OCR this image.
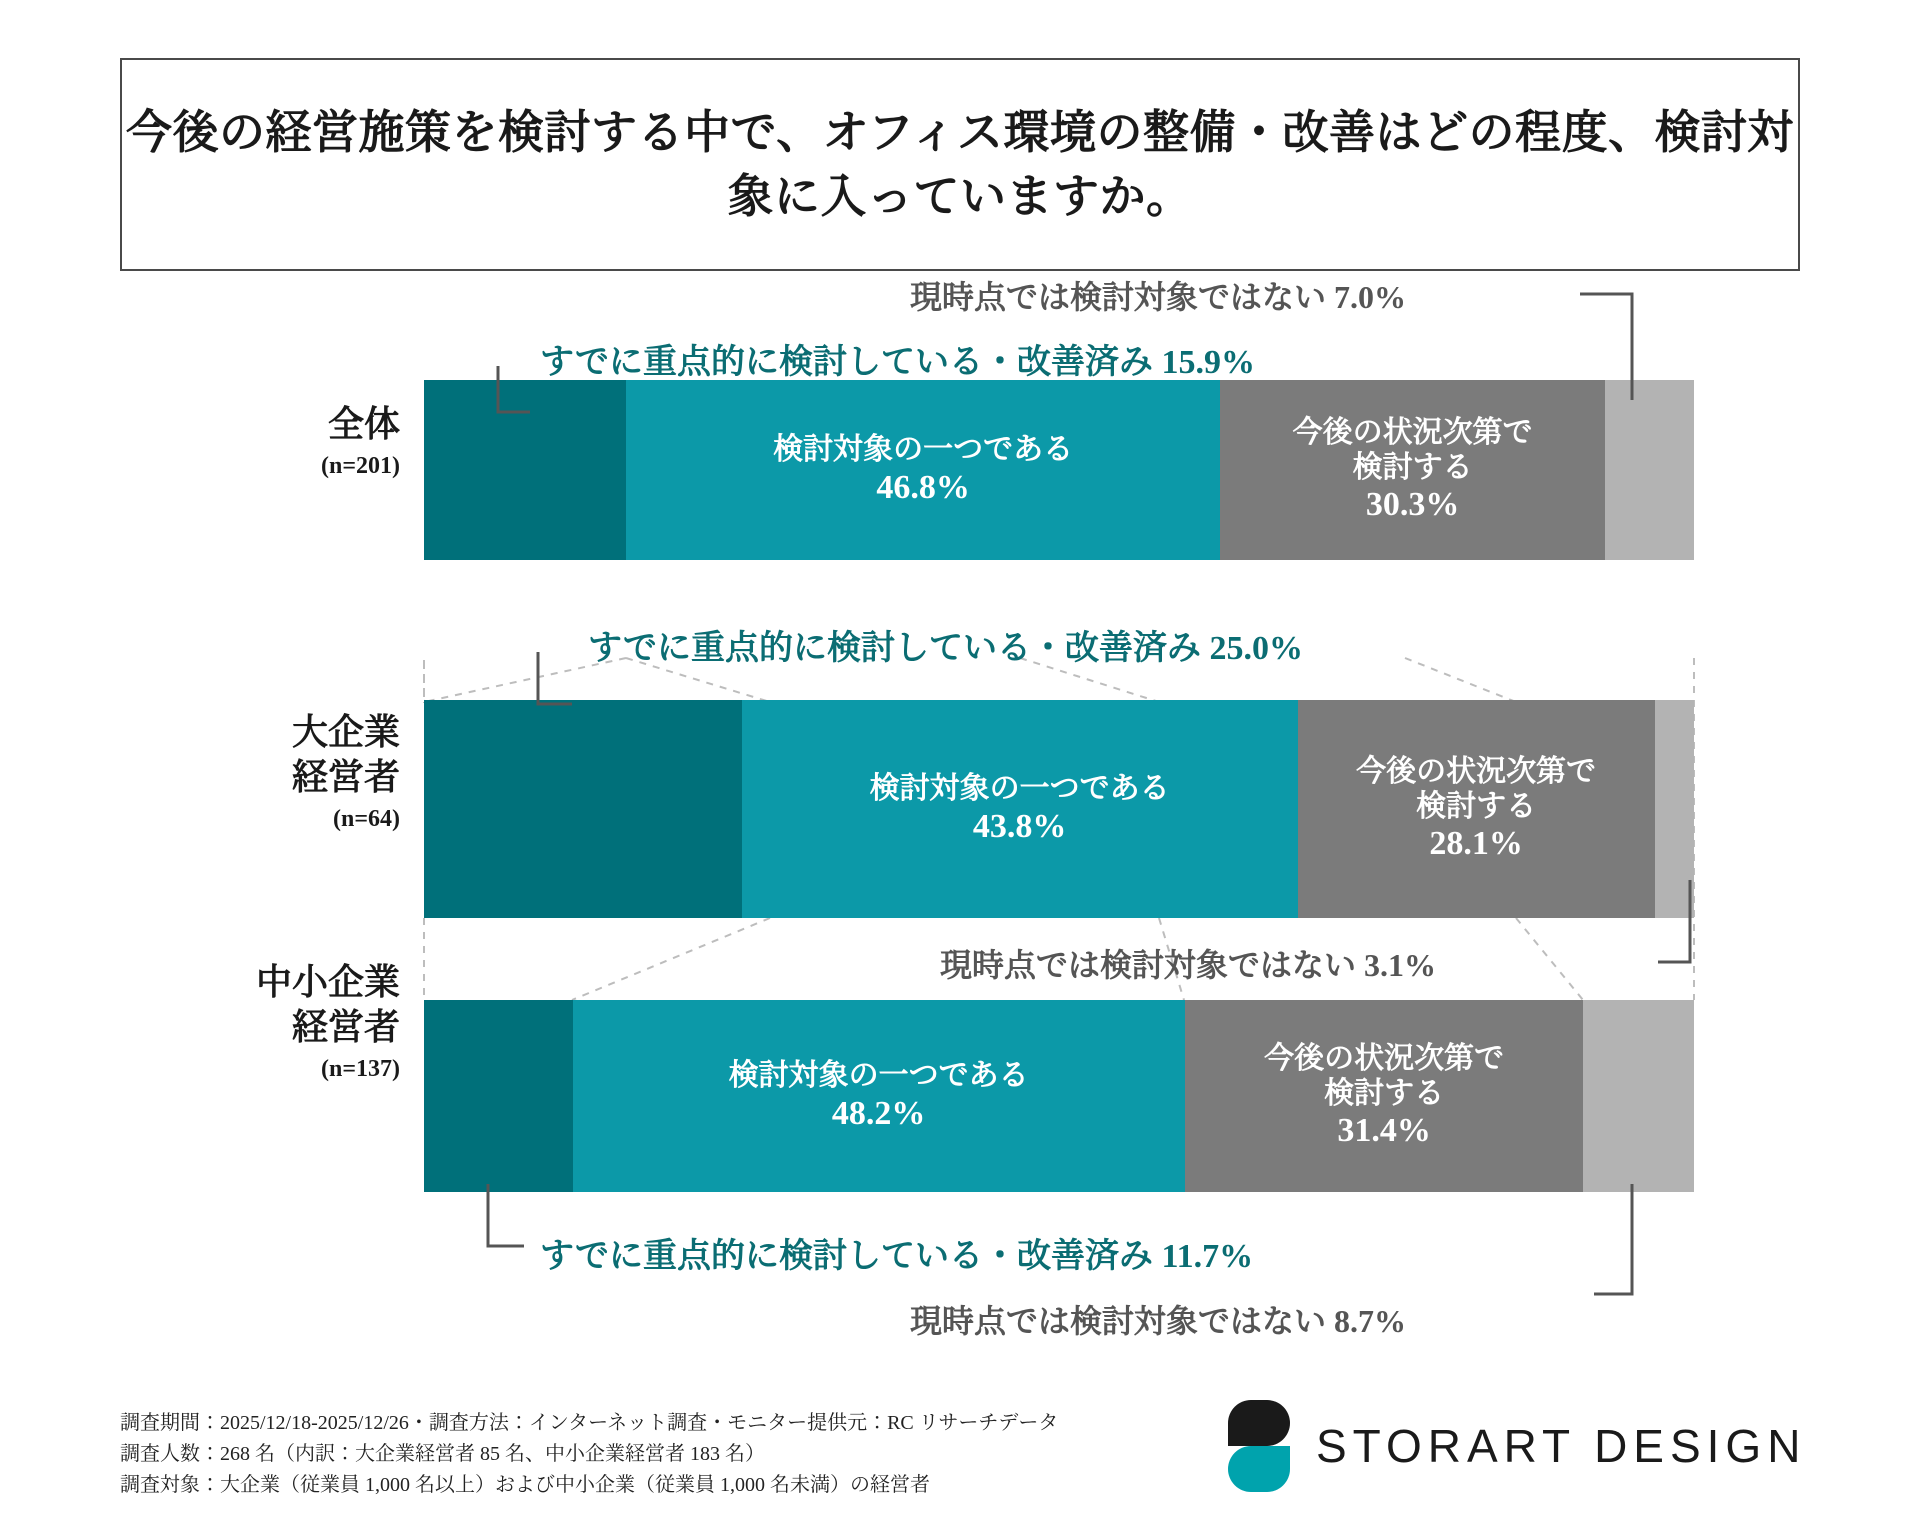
今後の経営施策を検討する中で、オフィス環境の整備・改善はどの程度、検討対象に入っていますか。
全体
(n=201)	検討対象の一つである
46.8%
今後の状況次第で
検討する
30.3%
すでに重点的に検討している・改善済み 15.9%
現時点では検討対象ではない 7.0%
大企業
経営者
(n=64)
検討対象の一つである
43.8%
今後の状況次第で
検討する
28.1%
すでに重点的に検討している・改善済み 25.0%
現時点では検討対象ではない 3.1%
中小企業
経営者
(n=137)	検討対象の一つである
48.2%
今後の状況次第で
検討する
31.4%
すでに重点的に検討している・改善済み 11.7%
現時点では検討対象ではない 8.7%
調査期間：2025/12/18-2025/12/26・調査方法：インターネット調査・モニター提供元：RC リサーチデータ
調査人数：268 名（内訳：大企業経営者 85 名、中小企業経営者 183 名）
調査対象：大企業（従業員 1,000 名以上）および中小企業（従業員 1,000 名未満）の経営者
STORART DESIGN
